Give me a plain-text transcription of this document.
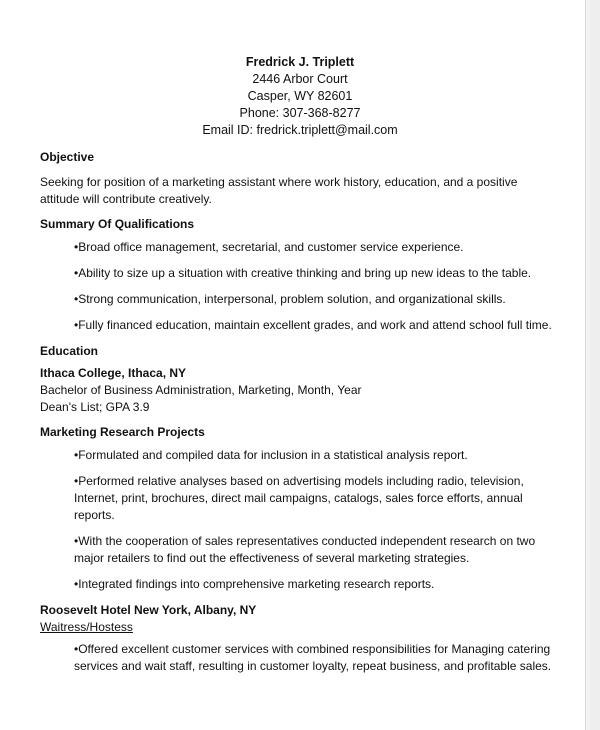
Fredrick J. Triplett
2446 Arbor Court
Casper, WY 82601
Phone: 307-368-8277
Email ID: fredrick.triplett@mail.com
Objective

Seeking for position of a marketing assistant where work history, education, and a positive attitude will contribute creatively.

Summary Of Qualifications
•Broad office management, secretarial, and customer service experience.
•Ability to size up a situation with creative thinking and bring up new ideas to the table.
•Strong communication, interpersonal, problem solution, and organizational skills.
•Fully financed education, maintain excellent grades, and work and attend school full time.
Education
Ithaca College, Ithaca, NY
Bachelor of Business Administration, Marketing, Month, Year
Dean's List; GPA 3.9
Marketing Research Projects
•Formulated and compiled data for inclusion in a statistical analysis report.
•Performed relative analyses based on advertising models including radio, television, Internet, print, brochures, direct mail campaigns, catalogs, sales force efforts, annual reports.
•With the cooperation of sales representatives conducted independent research on two major retailers to find out the effectiveness of several marketing strategies.
•Integrated findings into comprehensive marketing research reports.
Roosevelt Hotel New York, Albany, NY
Waitress/Hostess
•Offered excellent customer services with combined responsibilities for Managing catering services and wait staff, resulting in customer loyalty, repeat business, and profitable sales.
